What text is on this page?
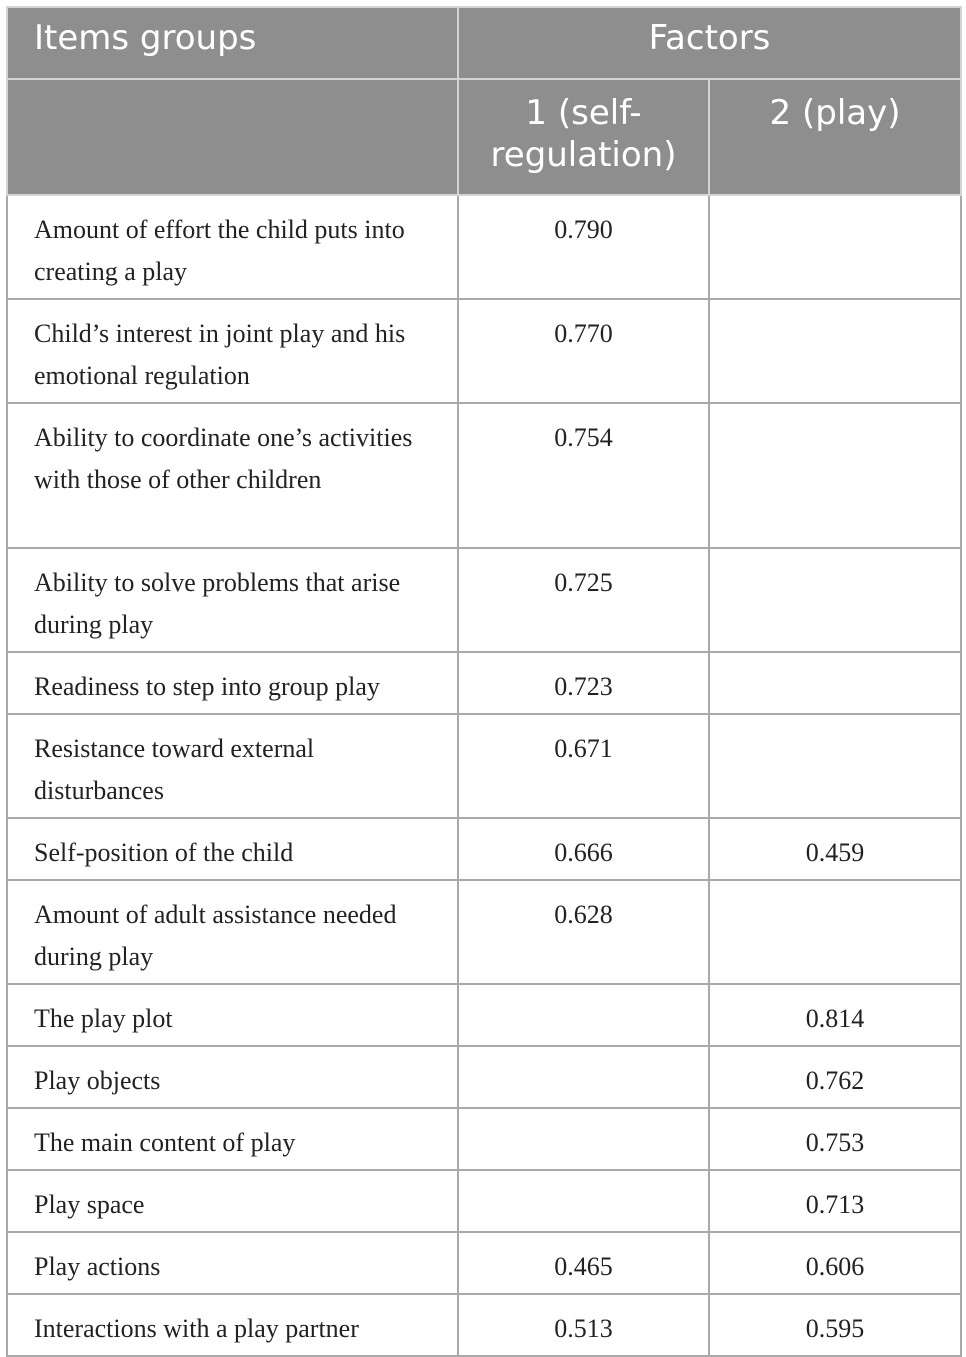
Items groups	Factors	
	1 (self-regulation)	2 (play)
Amount of effort the child puts into creating a play	0.790	
Child’s interest in joint play and his emotional regulation	0.770	
Ability to coordinate one’s activities with those of other children	0.754	
Ability to solve problems that arise during play	0.725	
Readiness to step into group play	0.723	
Resistance toward external disturbances	0.671	
Self-position of the child	0.666	0.459
Amount of adult assistance needed during play	0.628	
The play plot		0.814
Play objects		0.762
The main content of play		0.753
Play space		0.713
Play actions	0.465	0.606
Interactions with a play partner	0.513	0.595
